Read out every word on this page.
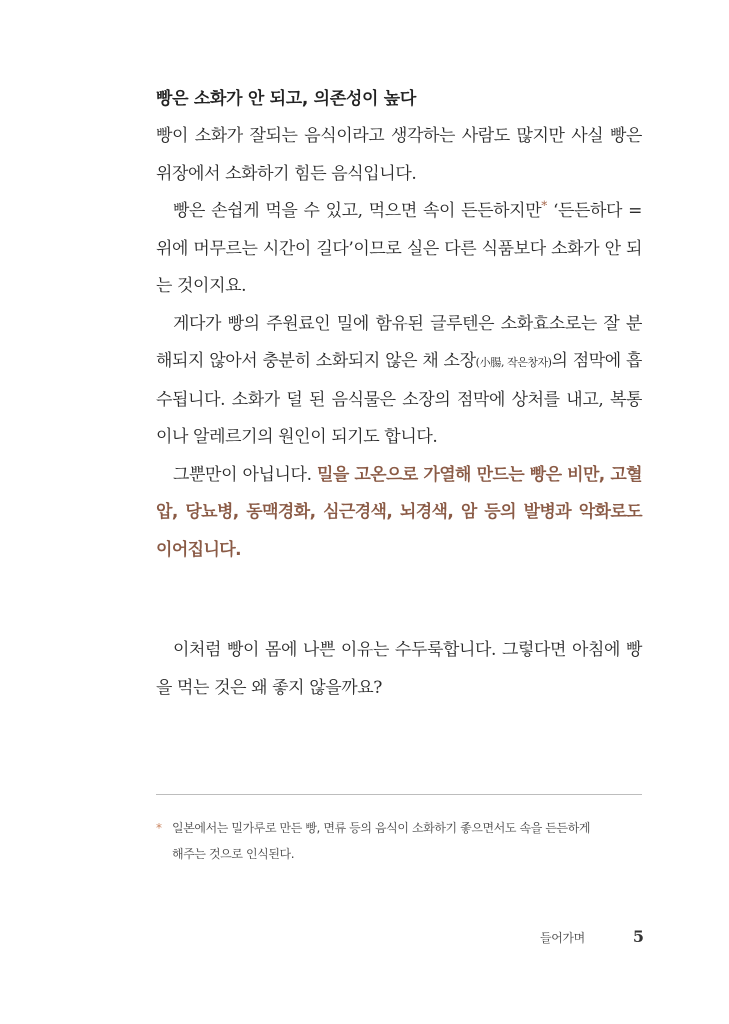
빵은 소화가 안 되고, 의존성이 높다

빵이 소화가 잘되는 음식이라고 생각하는 사람도 많지만 사실 빵은 위장에서 소화하기 힘든 음식입니다.

빵은 손쉽게 먹을 수 있고, 먹으면 속이 든든하지만* ‘든든하다 = 위에 머무르는 시간이 길다’이므로 실은 다른 식품보다 소화가 안 되는 것이지요.

게다가 빵의 주원료인 밀에 함유된 글루텐은 소화효소로는 잘 분해되지 않아서 충분히 소화되지 않은 채 소장(小腸, 작은창자)의 점막에 흡수됩니다. 소화가 덜 된 음식물은 소장의 점막에 상처를 내고, 복통이나 알레르기의 원인이 되기도 합니다.

그뿐만이 아닙니다. 밀을 고온으로 가열해 만드는 빵은 비만, 고혈압, 당뇨병, 동맥경화, 심근경색, 뇌경색, 암 등의 발병과 악화로도 이어집니다.

이처럼 빵이 몸에 나쁜 이유는 수두룩합니다. 그렇다면 아침에 빵을 먹는 것은 왜 좋지 않을까요?

* 일본에서는 밀가루로 만든 빵, 면류 등의 음식이 소화하기 좋으면서도 속을 든든하게
해주는 것으로 인식된다.
들어가며	5
